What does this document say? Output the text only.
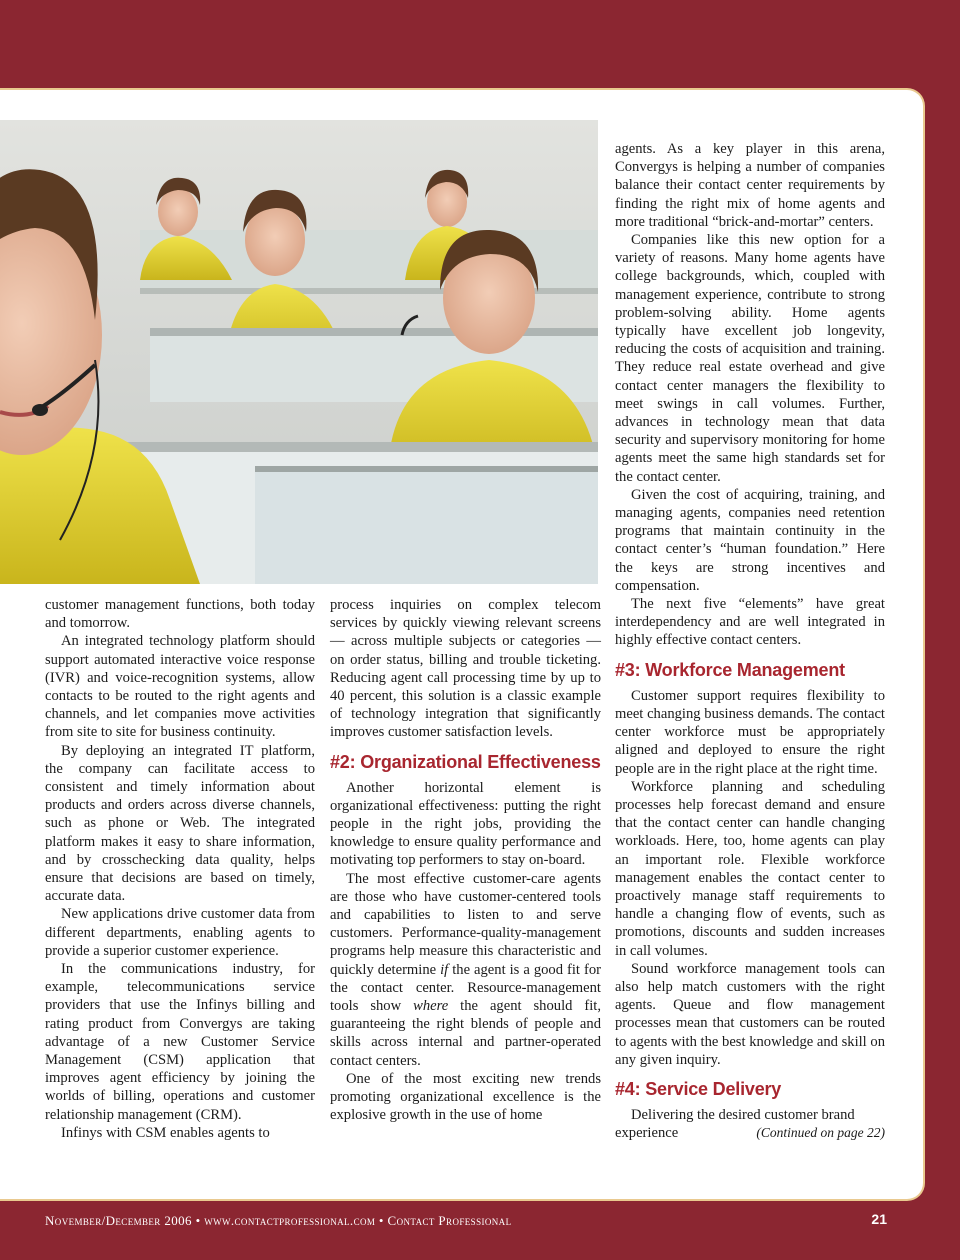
customer management functions, both today and tomorrow.

An integrated technology platform should support automated interactive voice response (IVR) and voice-recognition systems, allow contacts to be routed to the right agents and channels, and let companies move activities from site to site for business continuity.

By deploying an integrated IT platform, the company can facilitate access to consistent and timely information about products and orders across diverse channels, such as phone or Web. The integrated platform makes it easy to share information, and by crosschecking data quality, helps ensure that decisions are based on timely, accurate data.

New applications drive customer data from different departments, enabling agents to provide a superior customer experience.

In the communications industry, for example, telecommunications service providers that use the Infinys billing and rating product from Convergys are taking advantage of a new Customer Service Management (CSM) application that improves agent efficiency by joining the worlds of billing, operations and customer relationship management (CRM).

Infinys with CSM enables agents to

process inquiries on complex telecom services by quickly viewing relevant screens — across multiple subjects or categories — on order status, billing and trouble ticketing. Reducing agent call processing time by up to 40 percent, this solution is a classic example of technology integration that significantly improves customer satisfaction levels.

#2: Organizational Effectiveness

Another horizontal element is organizational effectiveness: putting the right people in the right jobs, providing the knowledge to ensure quality performance and motivating top performers to stay on-board.

The most effective customer-care agents are those who have customer-centered tools and capabilities to listen to and serve customers. Performance-quality-management programs help measure this characteristic and quickly determine if the agent is a good fit for the contact center. Resource-management tools show where the agent should fit, guaranteeing the right blends of people and skills across internal and partner-operated contact centers.

One of the most exciting new trends promoting organizational excellence is the explosive growth in the use of home

agents. As a key player in this arena, Convergys is helping a number of companies balance their contact center requirements by finding the right mix of home agents and more traditional “brick-and-mortar” centers.

Companies like this new option for a variety of reasons. Many home agents have college backgrounds, which, coupled with management experience, contribute to strong problem-solving ability. Home agents typically have excellent job longevity, reducing the costs of acquisition and training. They reduce real estate overhead and give contact center managers the flexibility to meet swings in call volumes. Further, advances in technology mean that data security and supervisory monitoring for home agents meet the same high standards set for the contact center.

Given the cost of acquiring, training, and managing agents, companies need retention programs that maintain continuity in the contact center’s “human foundation.” Here the keys are strong incentives and compensation.

The next five “elements” have great interdependency and are well integrated in highly effective contact centers.

#3: Workforce Management

Customer support requires flexibility to meet changing business demands. The contact center workforce must be appropriately aligned and deployed to ensure the right people are in the right place at the right time.

Workforce planning and scheduling processes help forecast demand and ensure that the contact center can handle changing workloads. Here, too, home agents can play an important role. Flexible workforce management enables the contact center to proactively manage staff requirements to handle a changing flow of events, such as promotions, discounts and sudden increases in call volumes.

Sound workforce management tools can also help match customers with the right agents. Queue and flow management processes mean that customers can be routed to agents with the best knowledge and skill on any given inquiry.

#4: Service Delivery

Delivering the desired customer brand

experience	(Continued on page 22)

November/December 2006 • www.contactprofessional.com • Contact Professional	21
